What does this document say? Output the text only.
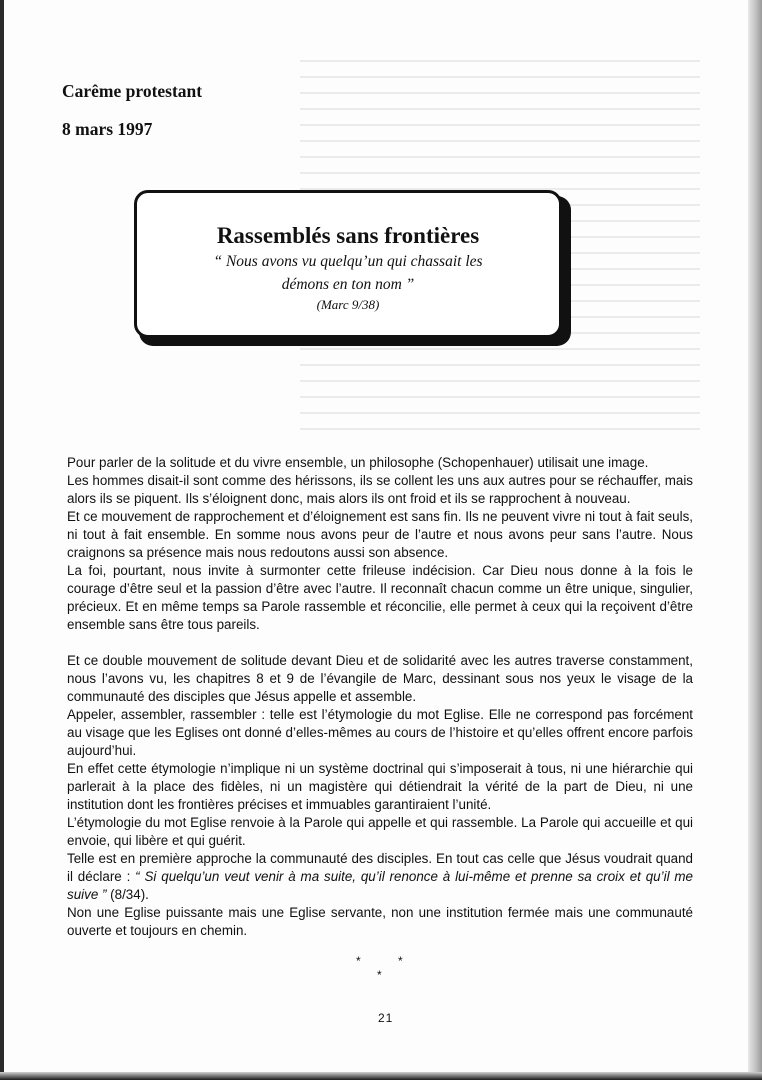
Carême protestant
8 mars 1997
Rassemblés sans frontières
“ Nous avons vu quelqu’un qui chassait les
démons en ton nom ”
(Marc 9/38)

Pour parler de la solitude et du vivre ensemble, un philosophe (Schopenhauer) utilisait une image.

Les hommes disait-il sont comme des hérissons, ils se collent les uns aux autres pour se réchauffer, mais alors ils se piquent. Ils s’éloignent donc, mais alors ils ont froid et ils se rapprochent à nouveau.

Et ce mouvement de rapprochement et d’éloignement est sans fin. Ils ne peuvent vivre ni tout à fait seuls, ni tout à fait ensemble. En somme nous avons peur de l’autre et nous avons peur sans l’autre. Nous craignons sa présence mais nous redoutons aussi son absence.

La foi, pourtant, nous invite à surmonter cette frileuse indécision. Car Dieu nous donne à la fois le courage d’être seul et la passion d’être avec l’autre. Il reconnaît chacun comme un être unique, singulier, précieux. Et en même temps sa Parole rassemble et réconcilie, elle permet à ceux qui la reçoivent d’être ensemble sans être tous pareils.

Et ce double mouvement de solitude devant Dieu et de solidarité avec les autres traverse constamment, nous l’avons vu, les chapitres 8 et 9 de l’évangile de Marc, dessinant sous nos yeux le visage de la communauté des disciples que Jésus appelle et assemble.

Appeler, assembler, rassembler : telle est l’étymologie du mot Eglise. Elle ne correspond pas forcément au visage que les Eglises ont donné d’elles-mêmes au cours de l’histoire et qu’elles offrent encore parfois aujourd’hui.

En effet cette étymologie n’implique ni un système doctrinal qui s’imposerait à tous, ni une hiérarchie qui parlerait à la place des fidèles, ni un magistère qui détiendrait la vérité de la part de Dieu, ni une institution dont les frontières précises et immuables garantiraient l’unité.

L’étymologie du mot Eglise renvoie à la Parole qui appelle et qui rassemble. La Parole qui accueille et qui envoie, qui libère et qui guérit.

Telle est en première approche la communauté des disciples. En tout cas celle que Jésus voudrait quand il déclare : “ Si quelqu’un veut venir à ma suite, qu’il renonce à lui-même et prenne sa croix et qu’il me suive ” (8/34).

Non une Eglise puissante mais une Eglise servante, non une institution fermée mais une communauté ouverte et toujours en chemin.

*	*
*
21
